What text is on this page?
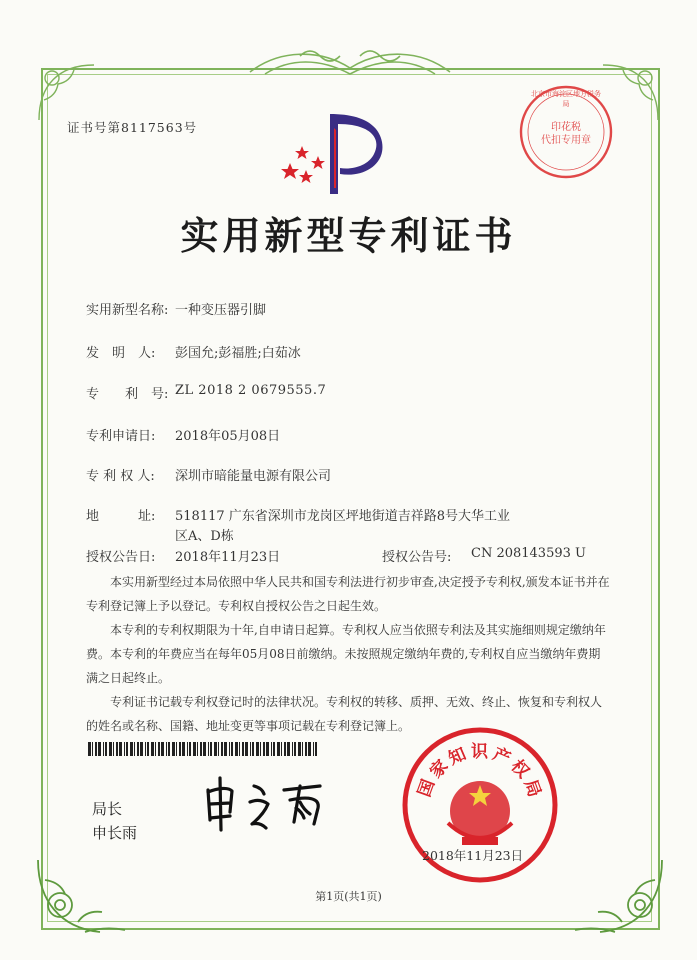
证书号第8117563号	印花税
代扣专用章
北京市海淀区地方税务局
实用新型专利证书
实用新型名称: 一种变压器引脚
发　明　人: 彭国允;彭福胜;白茹冰
专　　利　号: ZL 2018 2 0679555.7
专利申请日: 2018年05月08日
专 利 权 人: 深圳市暗能量电源有限公司
地　　　址: 518117 广东省深圳市龙岗区坪地街道吉祥路8号大华工业
区A、D栋
授权公告日: 2018年11月23日	授权公告号: CN 208143593 U
本实用新型经过本局依照中华人民共和国专利法进行初步审查,决定授予专利权,颁发本证书并在专利登记簿上予以登记。专利权自授权公告之日起生效。
本专利的专利权期限为十年,自申请日起算。专利权人应当依照专利法及其实施细则规定缴纳年费。本专利的年费应当在每年05月08日前缴纳。未按照规定缴纳年费的,专利权自应当缴纳年费期满之日起终止。
专利证书记载专利权登记时的法律状况。专利权的转移、质押、无效、终止、恢复和专利权人的姓名或名称、国籍、地址变更等事项记载在专利登记簿上。
局长
申长雨
国
家
知 识 产
权
局
2018年11月23日
第1页(共1页)
